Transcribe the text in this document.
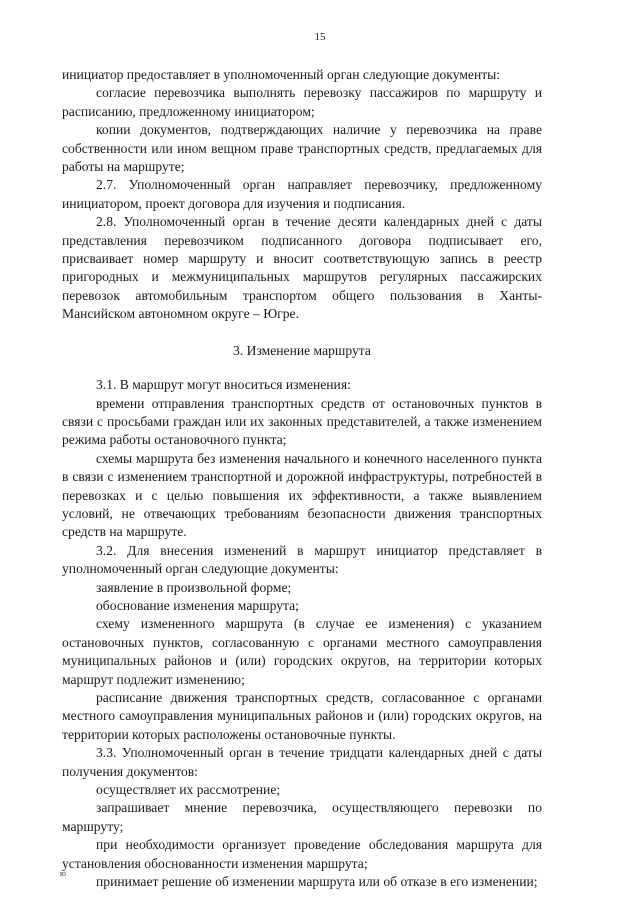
15

инициатор предоставляет в уполномоченный орган следующие документы:

согласие перевозчика выполнять перевозку пассажиров по маршруту и расписанию, предложенному инициатором;

копии документов, подтверждающих наличие у перевозчика на праве собственности или ином вещном праве транспортных средств, предлагаемых для работы на маршруте;

2.7. Уполномоченный орган направляет перевозчику, предложенному инициатором, проект договора для изучения и подписания.

2.8. Уполномоченный орган в течение десяти календарных дней с даты представления перевозчиком подписанного договора подписывает его, присваивает номер маршруту и вносит соответствующую запись в реестр пригородных и межмуниципальных маршрутов регулярных пассажирских перевозок автомобильным транспортом общего пользования в Ханты-Мансийском автономном округе – Югре.

3. Изменение маршрута

3.1. В маршрут могут вноситься изменения:

времени отправления транспортных средств от остановочных пунктов в связи с просьбами граждан или их законных представителей, а также изменением режима работы остановочного пункта;

схемы маршрута без изменения начального и конечного населенного пункта в связи с изменением транспортной и дорожной инфраструктуры, потребностей в перевозках и с целью повышения их эффективности, а также выявлением условий, не отвечающих требованиям безопасности движения транспортных средств на маршруте.

3.2. Для внесения изменений в маршрут инициатор представляет в уполномоченный орган следующие документы:

заявление в произвольной форме;

обоснование изменения маршрута;

схему измененного маршрута (в случае ее изменения) с указанием остановочных пунктов, согласованную с органами местного самоуправления муниципальных районов и (или) городских округов, на территории которых маршрут подлежит изменению;

расписание движения транспортных средств, согласованное с органами местного самоуправления муниципальных районов и (или) городских округов, на территории которых расположены остановочные пункты.

3.3. Уполномоченный орган в течение тридцати календарных дней с даты получения документов:

осуществляет их рассмотрение;

запрашивает мнение перевозчика, осуществляющего перевозки по маршруту;

при необходимости организует проведение обследования маршрута для установления обоснованности изменения маршрута;

принимает решение об изменении маршрута или об отказе в его изменении;

ю
